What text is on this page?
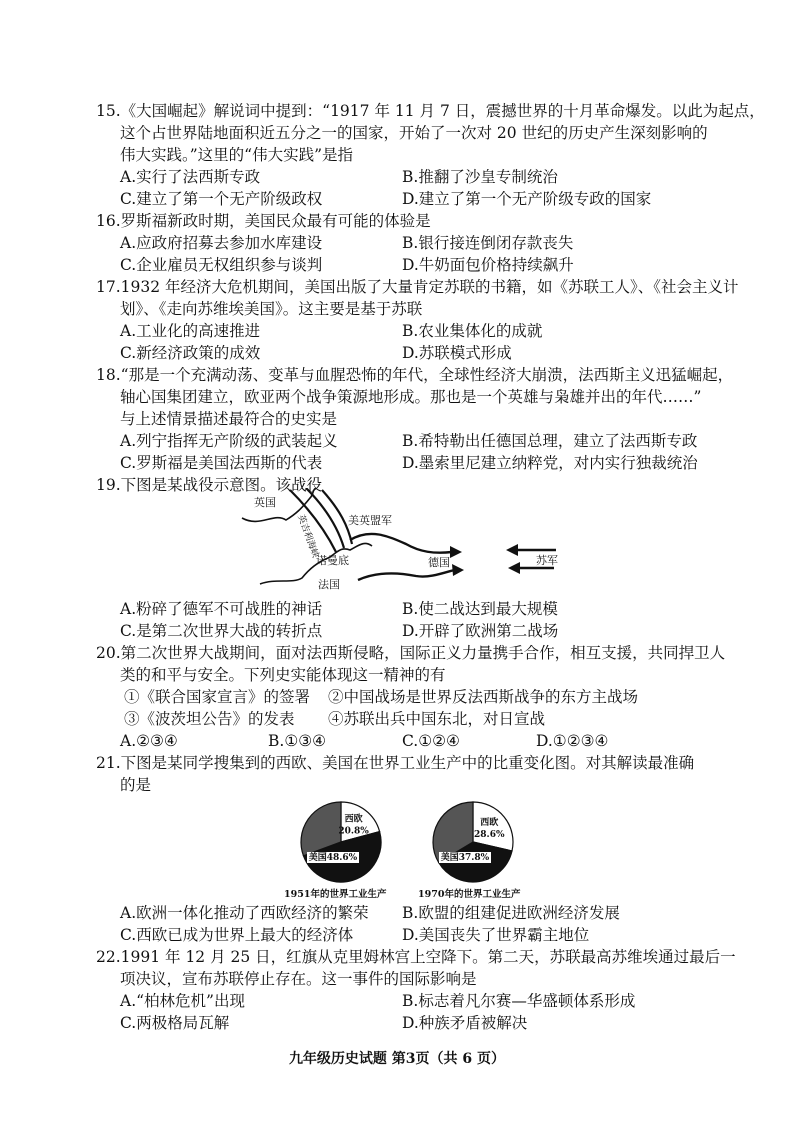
15.《大国崛起》解说词中提到：“1917 年 11 月 7 日，震撼世界的十月革命爆发。以此为起点，
这个占世界陆地面积近五分之一的国家，开始了一次对 20 世纪的历史产生深刻影响的
伟大实践。”这里的“伟大实践”是指
A.实行了法西斯专政	B.推翻了沙皇专制统治
C.建立了第一个无产阶级政权	D.建立了第一个无产阶级专政的国家
16.罗斯福新政时期，美国民众最有可能的体验是
A.应政府招募去参加水库建设	B.银行接连倒闭存款丧失
C.企业雇员无权组织参与谈判	D.牛奶面包价格持续飙升
17.1932 年经济大危机期间，美国出版了大量肯定苏联的书籍，如《苏联工人》、《社会主义计
划》、《走向苏维埃美国》。这主要是基于苏联
A.工业化的高速推进	B.农业集体化的成就
C.新经济政策的成效	D.苏联模式形成
18.“那是一个充满动荡、变革与血腥恐怖的年代，全球性经济大崩溃，法西斯主义迅猛崛起，
轴心国集团建立，欧亚两个战争策源地形成。那也是一个英雄与枭雄并出的年代……”
与上述情景描述最符合的史实是
A.列宁指挥无产阶级的武装起义	B.希特勒出任德国总理，建立了法西斯专政
C.罗斯福是美国法西斯的代表	D.墨索里尼建立纳粹党，对内实行独裁统治
19.下图是某战役示意图。该战役
英国
美英盟军
诺曼底
法国
德国	苏军
英吉利海峡
A.粉碎了德军不可战胜的神话	B.使二战达到最大规模
C.是第二次世界大战的转折点	D.开辟了欧洲第二战场
20.第二次世界大战期间，面对法西斯侵略，国际正义力量携手合作，相互支援，共同捍卫人
类的和平与安全。下列史实能体现这一精神的有
①《联合国家宣言》的签署 ②中国战场是世界反法西斯战争的东方主战场
③《波茨坦公告》的发表 ④苏联出兵中国东北，对日宣战
A.②③④	B.①③④	C.①②④	D.①②③④
21.下图是某同学搜集到的西欧、美国在世界工业生产中的比重变化图。对其解读最准确
的是
西欧
20.8%
美国48.6%
西欧
28.6%
美国37.8%
1951年的世界工业生产	1970年的世界工业生产
A.欧洲一体化推动了西欧经济的繁荣 B.欧盟的组建促进欧洲经济发展
C.西欧已成为世界上最大的经济体	D.美国丧失了世界霸主地位
22.1991 年 12 月 25 日，红旗从克里姆林宫上空降下。第二天，苏联最高苏维埃通过最后一
项决议，宣布苏联停止存在。这一事件的国际影响是
A.“柏林危机”出现	B.标志着凡尔赛—华盛顿体系形成
C.两极格局瓦解	D.种族矛盾被解决
九年级历史试题 第3页（共 6 页）
